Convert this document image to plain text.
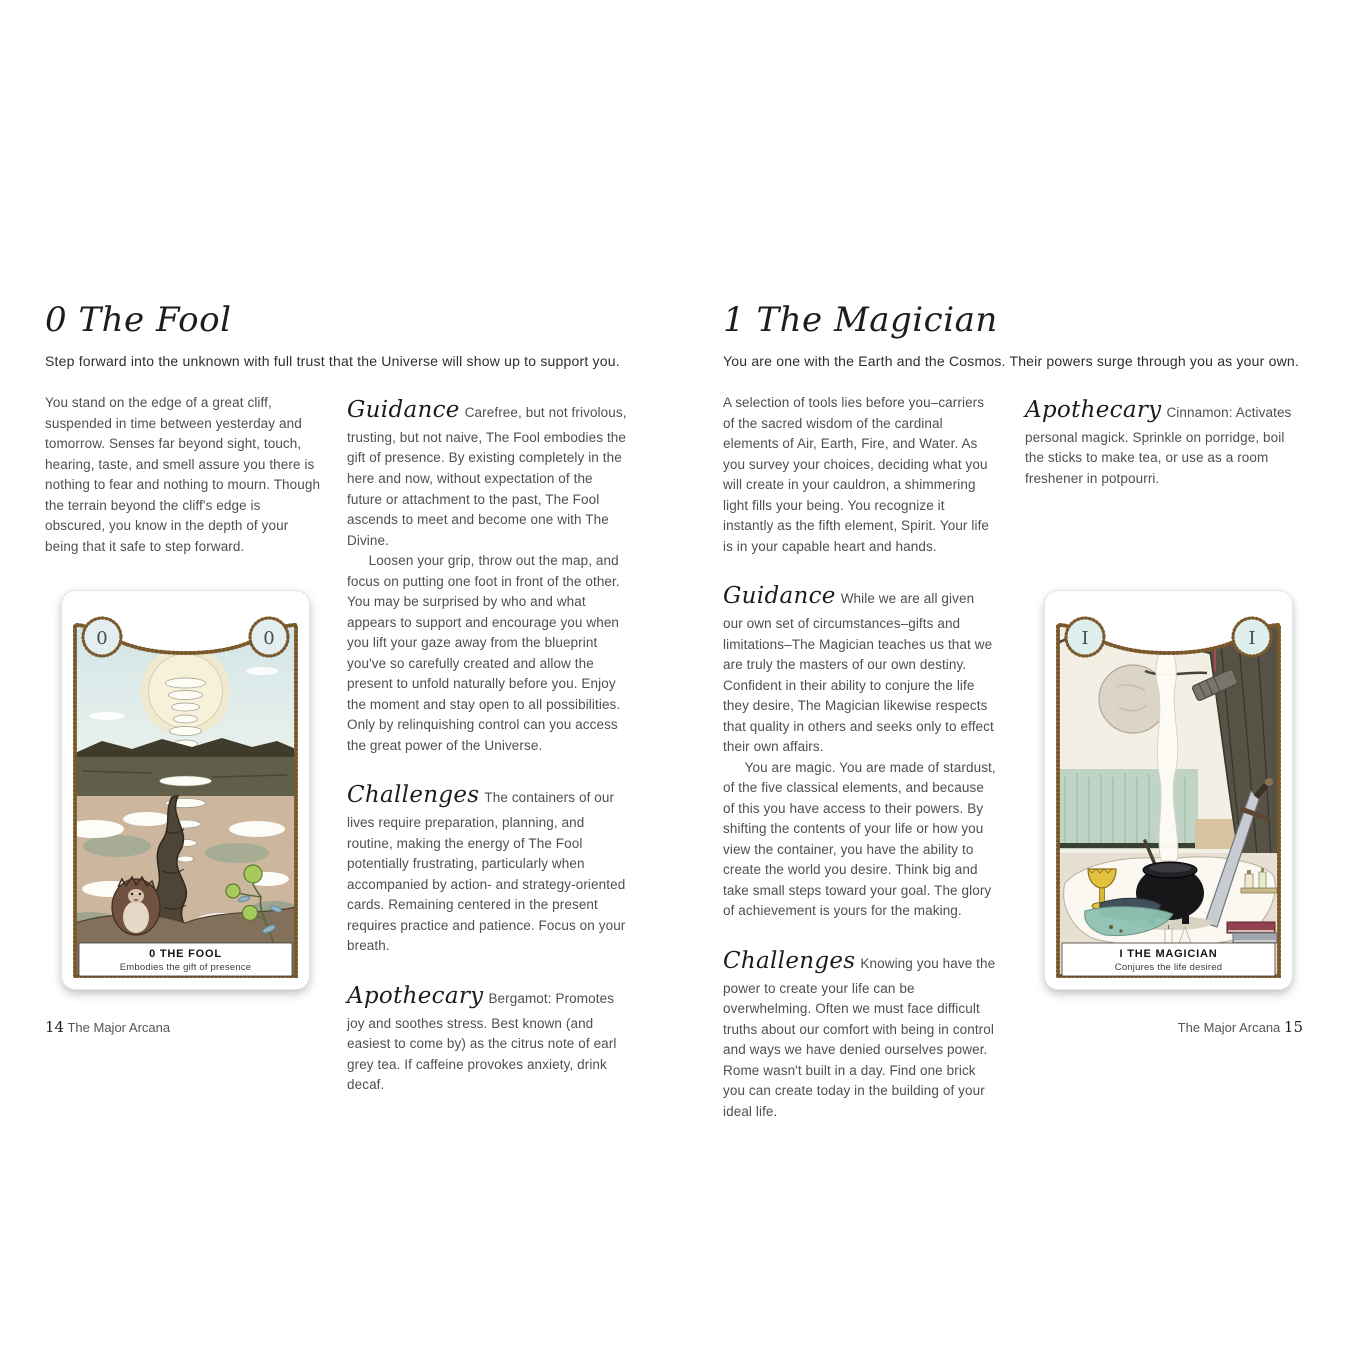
0 The Fool
Step forward into the unknown with full trust that the Universe will show up to support you.

You stand on the edge of a great cliff, suspended in time between yesterday and tomorrow. Senses far beyond sight, touch, hearing, taste, and smell assure you there is nothing to fear and nothing to mourn. Though the terrain beyond the cliff's edge is obscured, you know in the depth of your being that it safe to step forward.

Guidance Carefree, but not frivolous, trusting, but not naive, The Fool embodies the gift of presence. By existing completely in the here and now, without expectation of the future or attachment to the past, The Fool ascends to meet and become one with The Divine.

Loosen your grip, throw out the map, and focus on putting one foot in front of the other. You may be surprised by who and what appears to support and encourage you when you lift your gaze away from the blueprint you've so carefully created and allow the present to unfold naturally before you. Enjoy the moment and stay open to all possibilities. Only by relinquishing control can you access the great power of the Universe.

Challenges The containers of our lives require preparation, planning, and routine, making the energy of The Fool potentially frustrating, particularly when accompanied by action- and strategy-oriented cards. Remaining centered in the present requires practice and patience. Focus on your breath.

Apothecary Bergamot: Promotes joy and soothes stress. Best known (and easiest to come by) as the citrus note of earl grey tea. If caffeine provokes anxiety, drink decaf.

0	0
0 THE FOOL
Embodies the gift of presence
14 The Major Arcana
1 The Magician
You are one with the Earth and the Cosmos. Their powers surge through you as your own.

A selection of tools lies before you–carriers of the sacred wisdom of the cardinal elements of Air, Earth, Fire, and Water. As you survey your choices, deciding what you will create in your cauldron, a shimmering light fills your being. You recognize it instantly as the fifth element, Spirit. Your life is in your capable heart and hands.

Guidance While we are all given our own set of circumstances–gifts and limitations–The Magician teaches us that we are truly the masters of our own destiny. Confident in their ability to conjure the life they desire, The Magician likewise respects that quality in others and seeks only to effect their own affairs.

You are magic. You are made of stardust, of the five classical elements, and because of this you have access to their powers. By shifting the contents of your life or how you view the container, you have the ability to create the world you desire. Think big and take small steps toward your goal. The glory of achievement is yours for the making.

Challenges Knowing you have the power to create your life can be overwhelming. Often we must face difficult truths about our comfort with being in control and ways we have denied ourselves power. Rome wasn't built in a day. Find one brick you can create today in the building of your ideal life.

Apothecary Cinnamon: Activates personal magick. Sprinkle on porridge, boil the sticks to make tea, or use as a room freshener in potpourri.

I	I
I THE MAGICIAN
Conjures the life desired
The Major Arcana 15
